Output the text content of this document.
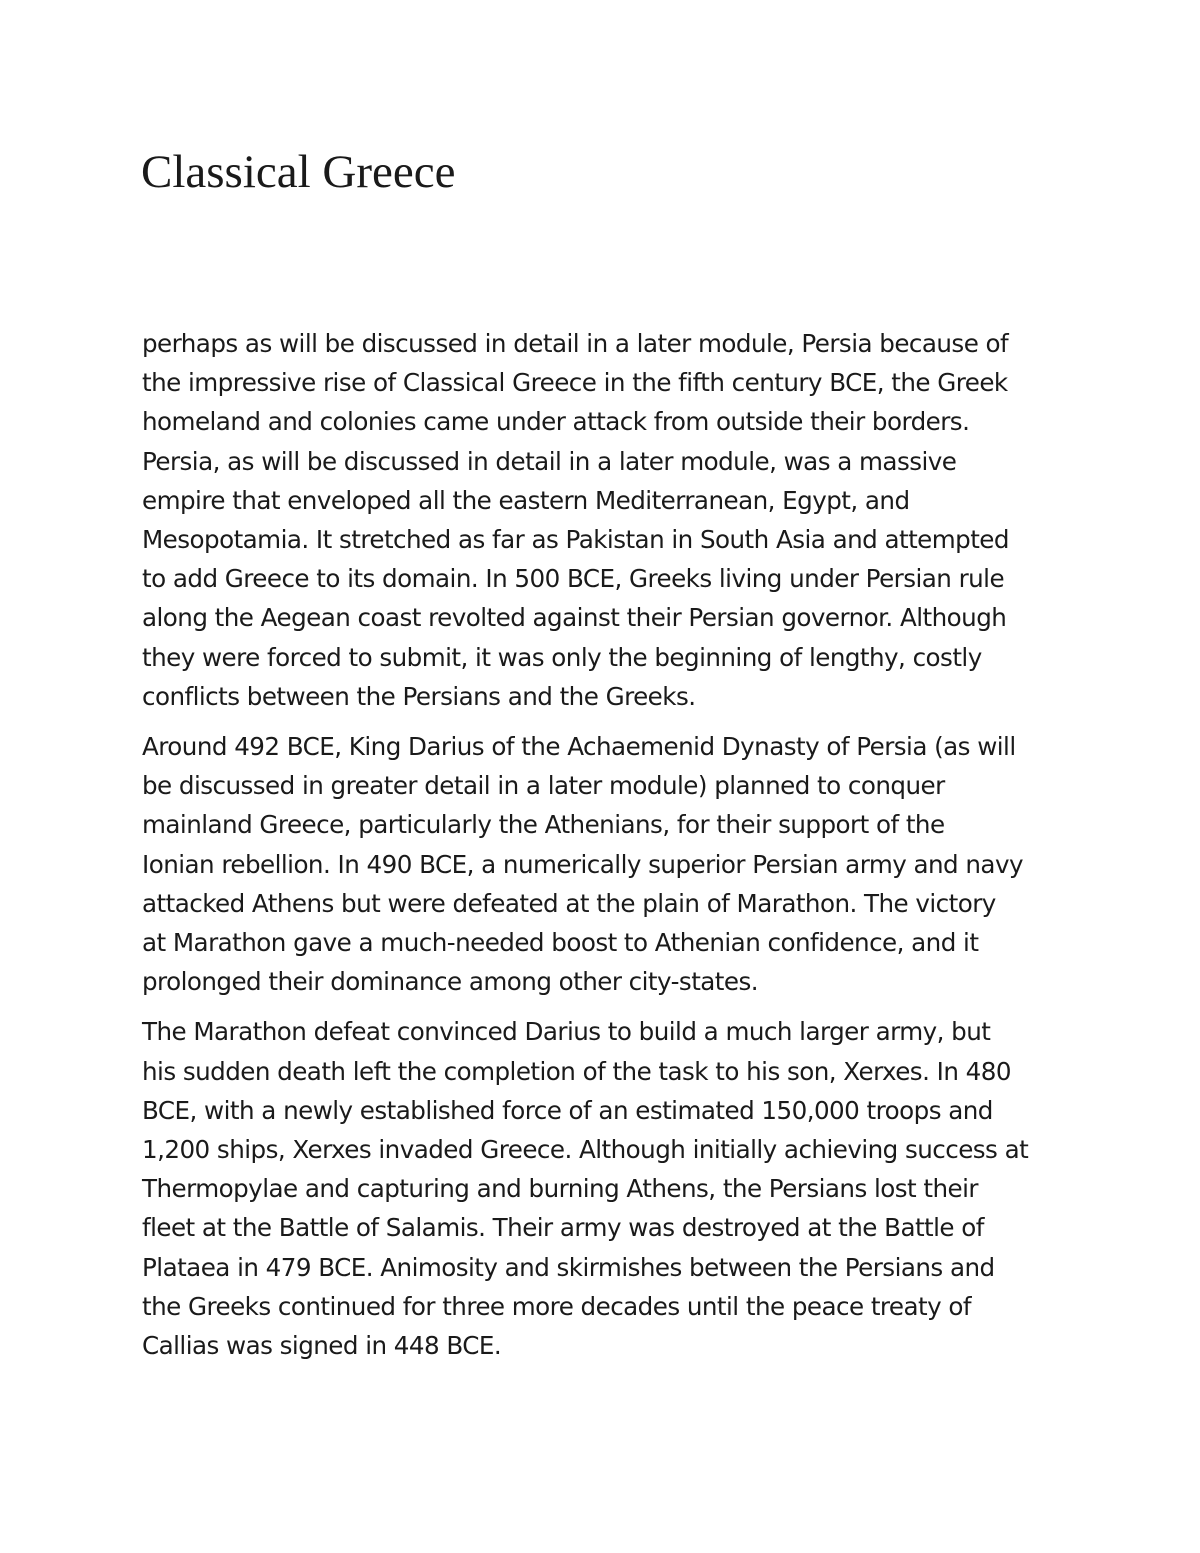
Classical Greece

perhaps as will be discussed in detail in a later module, Persia because of
the impressive rise of Classical Greece in the fifth century BCE, the Greek
homeland and colonies came under attack from outside their borders.
Persia, as will be discussed in detail in a later module, was a massive
empire that enveloped all the eastern Mediterranean, Egypt, and
Mesopotamia. It stretched as far as Pakistan in South Asia and attempted
to add Greece to its domain. In 500 BCE, Greeks living under Persian rule
along the Aegean coast revolted against their Persian governor. Although
they were forced to submit, it was only the beginning of lengthy, costly
conflicts between the Persians and the Greeks.

Around 492 BCE, King Darius of the Achaemenid Dynasty of Persia (as will
be discussed in greater detail in a later module) planned to conquer
mainland Greece, particularly the Athenians, for their support of the
Ionian rebellion. In 490 BCE, a numerically superior Persian army and navy
attacked Athens but were defeated at the plain of Marathon. The victory
at Marathon gave a much-needed boost to Athenian confidence, and it
prolonged their dominance among other city-states.

The Marathon defeat convinced Darius to build a much larger army, but
his sudden death left the completion of the task to his son, Xerxes. In 480
BCE, with a newly established force of an estimated 150,000 troops and
1,200 ships, Xerxes invaded Greece. Although initially achieving success at
Thermopylae and capturing and burning Athens, the Persians lost their
fleet at the Battle of Salamis. Their army was destroyed at the Battle of
Plataea in 479 BCE. Animosity and skirmishes between the Persians and
the Greeks continued for three more decades until the peace treaty of
Callias was signed in 448 BCE.
